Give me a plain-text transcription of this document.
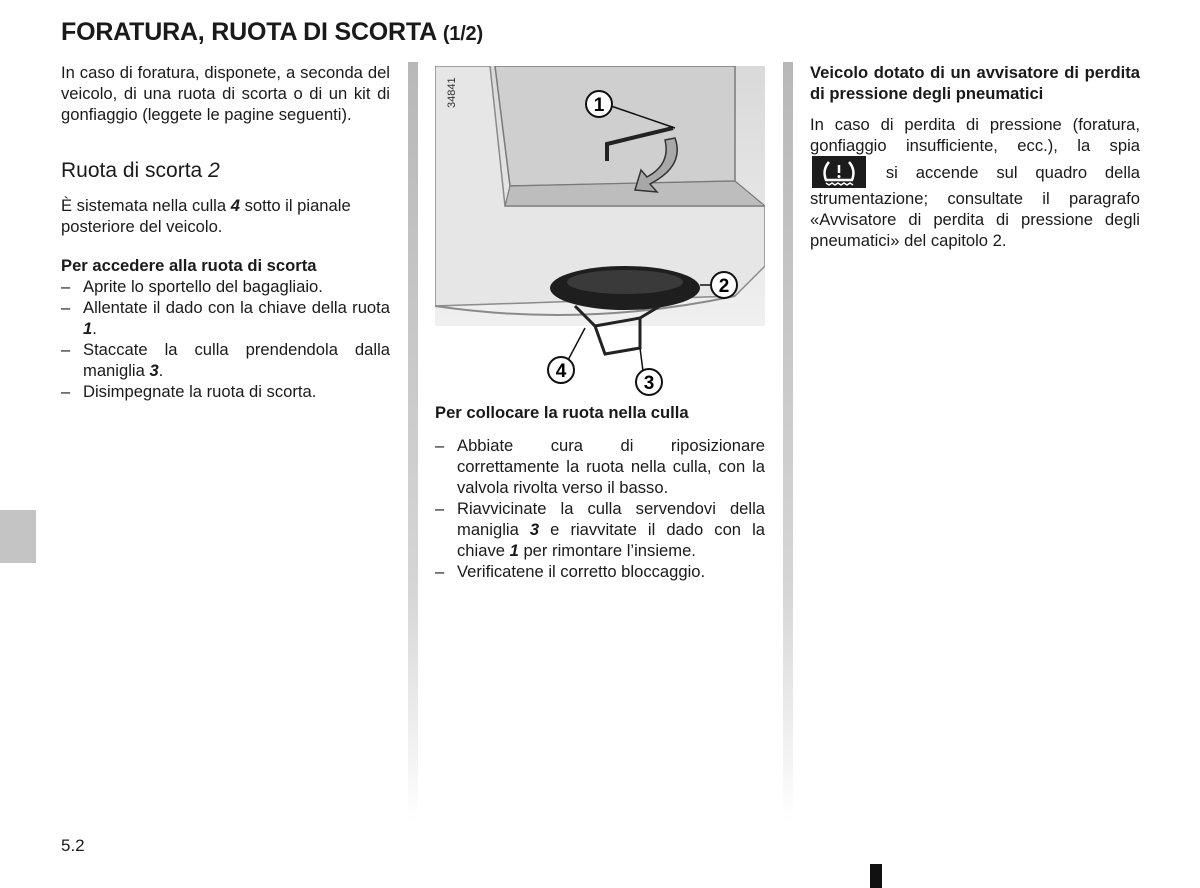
FORATURA, RUOTA DI SCORTA (1/2)

In caso di foratura, disponete, a seconda del veicolo, di una ruota di scorta o di un kit di gonfiaggio (leggete le pagine seguenti).

Ruota di scorta 2

È sistemata nella culla 4 sotto il pianale posteriore del veicolo.

Per accedere alla ruota di scorta

– Aprite lo sportello del bagagliaio.
– Allentate il dado con la chiave della ruota 1.
– Staccate la culla prendendola dalla maniglia 3.
– Disimpegnate la ruota di scorta.
34841	1
2
3
4

Per collocare la ruota nella culla

– Abbiate cura di riposizionare correttamente la ruota nella culla, con la valvola rivolta verso il basso.
– Riavvicinate la culla servendovi della maniglia 3 e riavvitate il dado con la chiave 1 per rimontare l’insieme.
– Verificatene il corretto bloccaggio.

Veicolo dotato di un avvisatore di perdita di pressione degli pneumatici

In caso di perdita di pressione (foratura, gonfiaggio insufficiente, ecc.), la spia
si accende sul quadro della strumentazione; consultate il paragrafo «Avvisatore di perdita di pressione degli pneumatici» del capitolo 2.

5.2
